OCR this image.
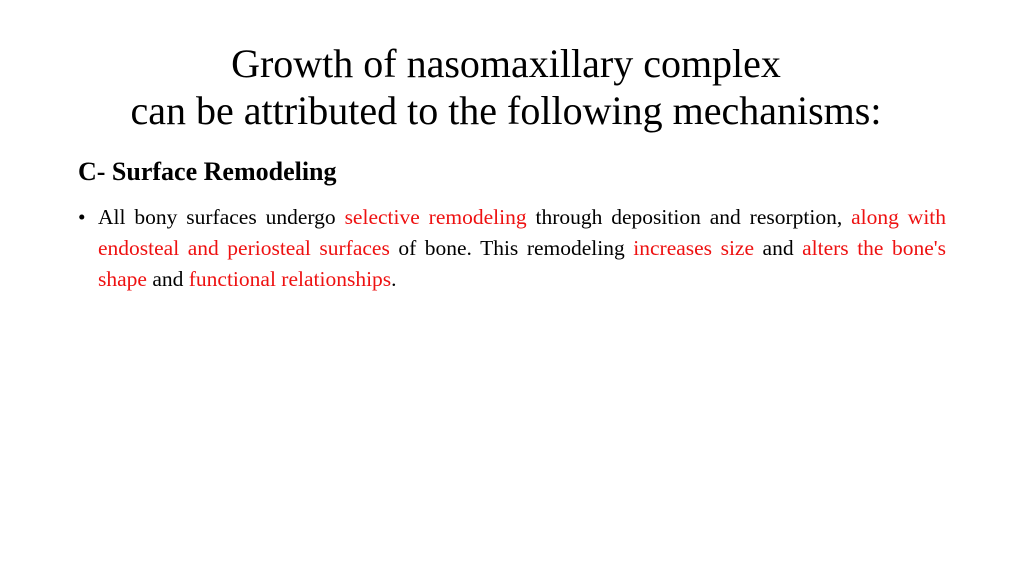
Growth of nasomaxillary complex
can be attributed to the following mechanisms:
C- Surface Remodeling
• All bony surfaces undergo selective remodeling through deposition and resorption, along with endosteal and periosteal surfaces of bone. This remodeling increases size and alters the bone's shape and functional relationships.
